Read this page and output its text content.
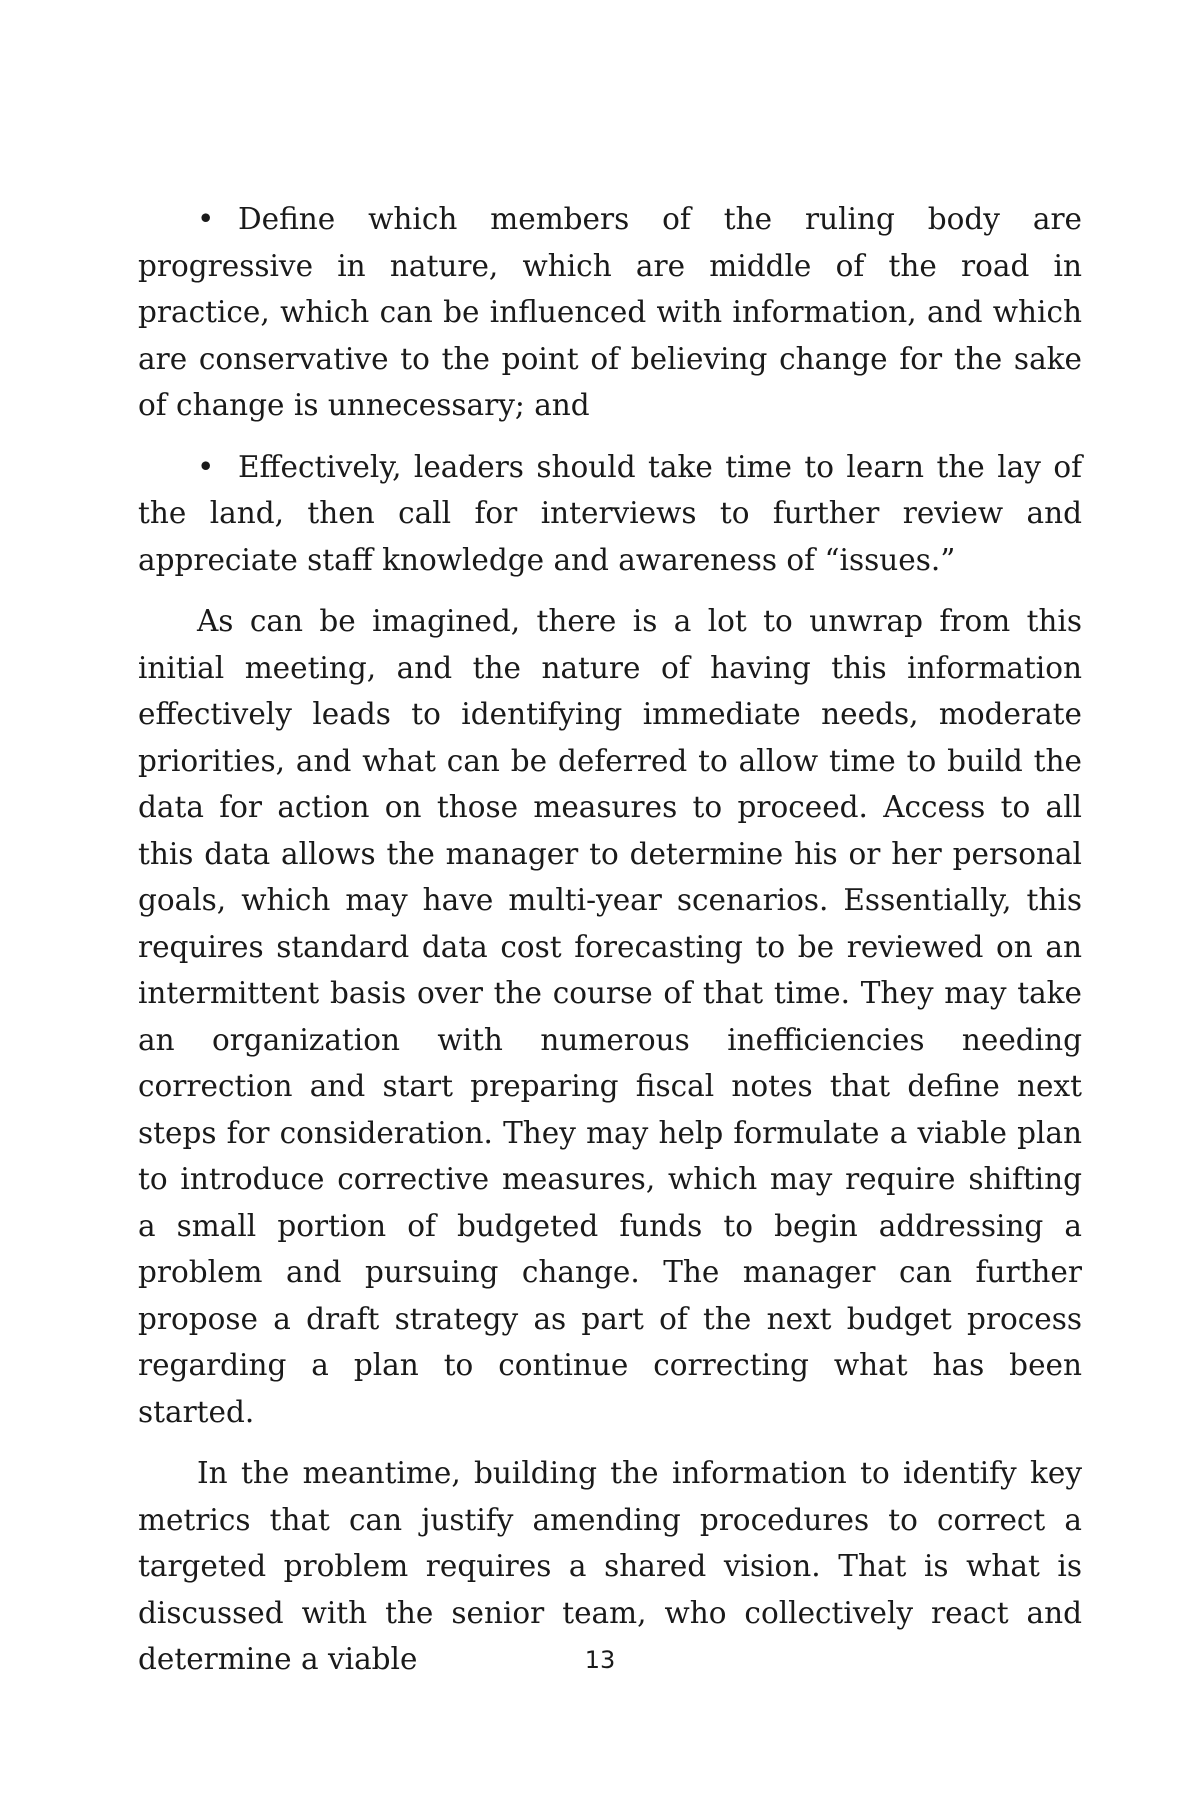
• Define which members of the ruling body are progressive in nature, which are middle of the road in practice, which can be influenced with information, and which are conservative to the point of believing change for the sake of change is unnecessary; and

• Effectively, leaders should take time to learn the lay of the land, then call for interviews to further review and appreciate staff knowledge and awareness of “issues.”

As can be imagined, there is a lot to unwrap from this initial meeting, and the nature of having this information effectively leads to identifying immediate needs, moderate priorities, and what can be deferred to allow time to build the data for action on those measures to proceed. Access to all this data allows the manager to determine his or her personal goals, which may have multi-year scenarios. Essentially, this requires standard data cost forecasting to be reviewed on an intermittent basis over the course of that time. They may take an organization with numerous inefficiencies needing correction and start preparing fiscal notes that define next steps for consideration. They may help formulate a viable plan to introduce corrective measures, which may require shifting a small portion of budgeted funds to begin addressing a problem and pursuing change. The manager can further propose a draft strategy as part of the next budget process regarding a plan to continue correcting what has been started.

In the meantime, building the information to identify key metrics that can justify amending procedures to correct a targeted problem requires a shared vision. That is what is discussed with the senior team, who collectively react and determine a viable	13
